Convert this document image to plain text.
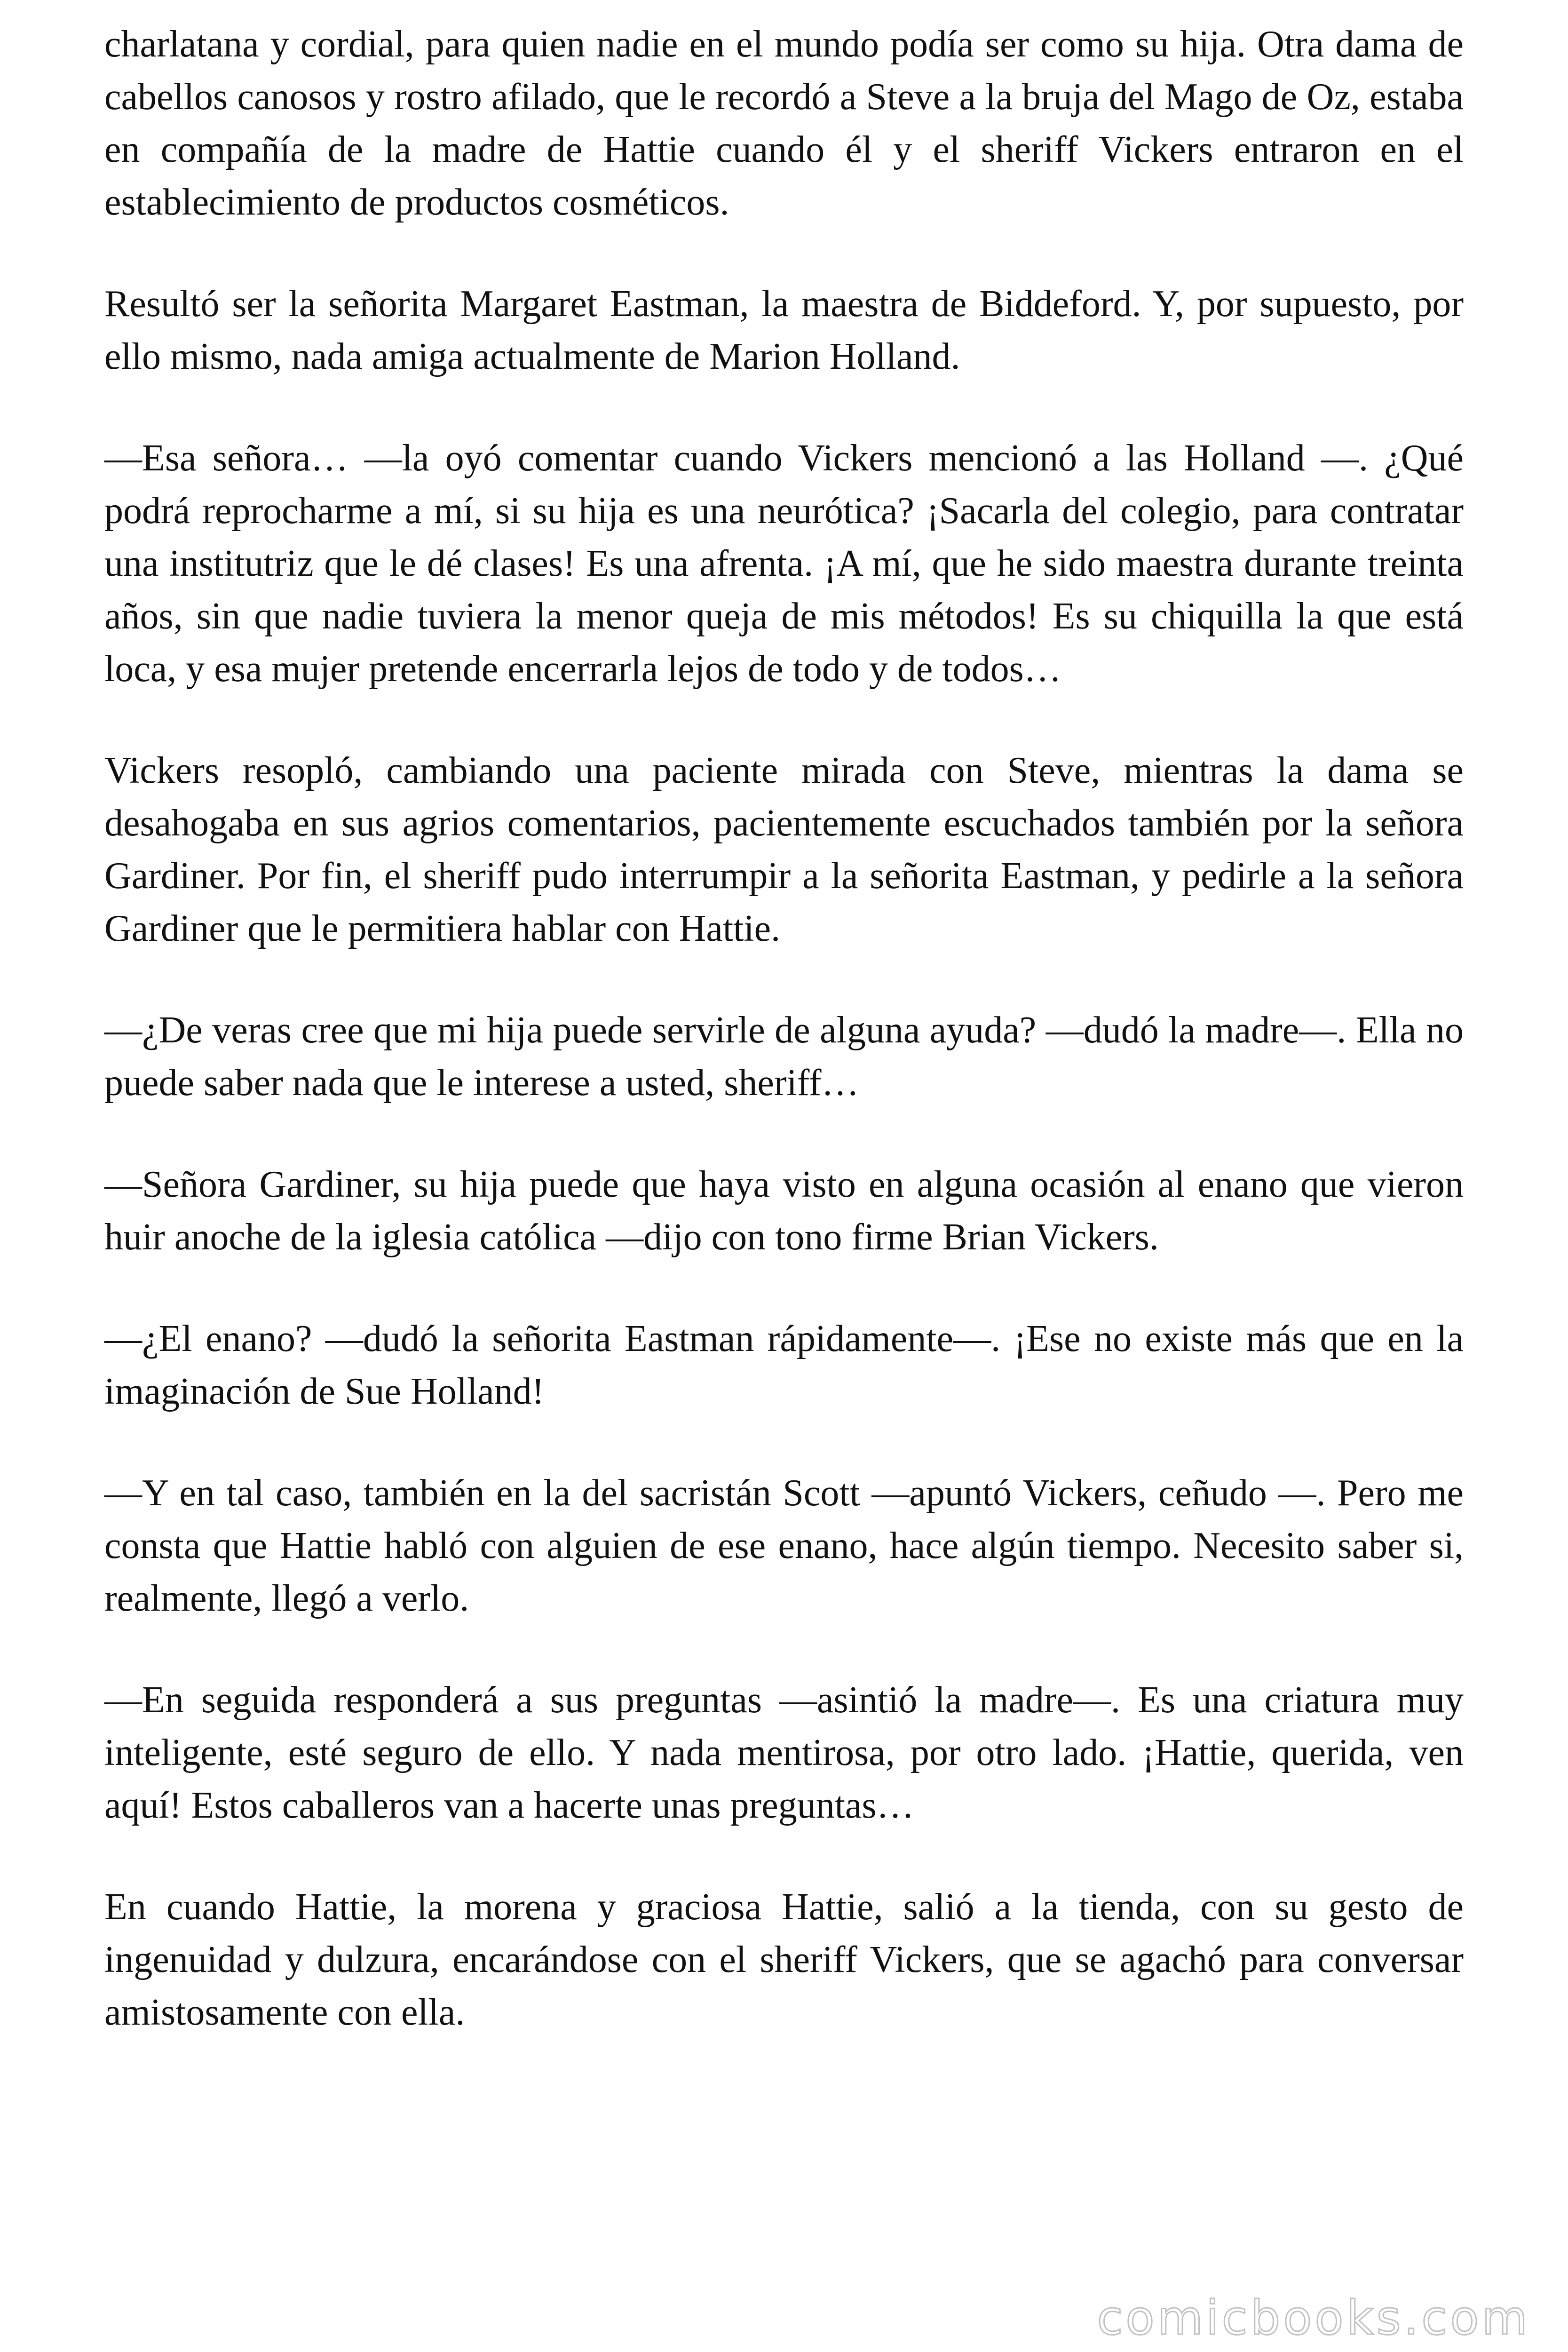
charlatana y cordial, para quien nadie en el mundo podía ser como su hija. Otra dama de cabellos canosos y rostro afilado, que le recordó a Steve a la bruja del Mago de Oz, estaba en compañía de la madre de Hattie cuando él y el sheriff Vickers entraron en el establecimiento de productos cosméticos.

Resultó ser la señorita Margaret Eastman, la maestra de Biddeford. Y, por supuesto, por ello mismo, nada amiga actualmente de Marion Holland.

—Esa señora… —la oyó comentar cuando Vickers mencionó a las Holland —. ¿Qué podrá reprocharme a mí, si su hija es una neurótica? ¡Sacarla del colegio, para contratar una institutriz que le dé clases! Es una afrenta. ¡A mí, que he sido maestra durante treinta años, sin que nadie tuviera la menor queja de mis métodos! Es su chiquilla la que está loca, y esa mujer pretende encerrarla lejos de todo y de todos…

Vickers resopló, cambiando una paciente mirada con Steve, mientras la dama se desahogaba en sus agrios comentarios, pacientemente escuchados también por la señora Gardiner. Por fin, el sheriff pudo interrumpir a la señorita Eastman, y pedirle a la señora Gardiner que le permitiera hablar con Hattie.

—¿De veras cree que mi hija puede servirle de alguna ayuda? —dudó la madre—. Ella no puede saber nada que le interese a usted, sheriff…

—Señora Gardiner, su hija puede que haya visto en alguna ocasión al enano que vieron huir anoche de la iglesia católica —dijo con tono firme Brian Vickers.

—¿El enano? —dudó la señorita Eastman rápidamente—. ¡Ese no existe más que en la imaginación de Sue Holland!

—Y en tal caso, también en la del sacristán Scott —apuntó Vickers, ceñudo —. Pero me consta que Hattie habló con alguien de ese enano, hace algún tiempo. Necesito saber si, realmente, llegó a verlo.

—En seguida responderá a sus preguntas —asintió la madre—. Es una criatura muy inteligente, esté seguro de ello. Y nada mentirosa, por otro lado. ¡Hattie, querida, ven aquí! Estos caballeros van a hacerte unas preguntas…

En cuando Hattie, la morena y graciosa Hattie, salió a la tienda, con su gesto de ingenuidad y dulzura, encarándose con el sheriff Vickers, que se agachó para conversar amistosamente con ella.

comicbooks.com
